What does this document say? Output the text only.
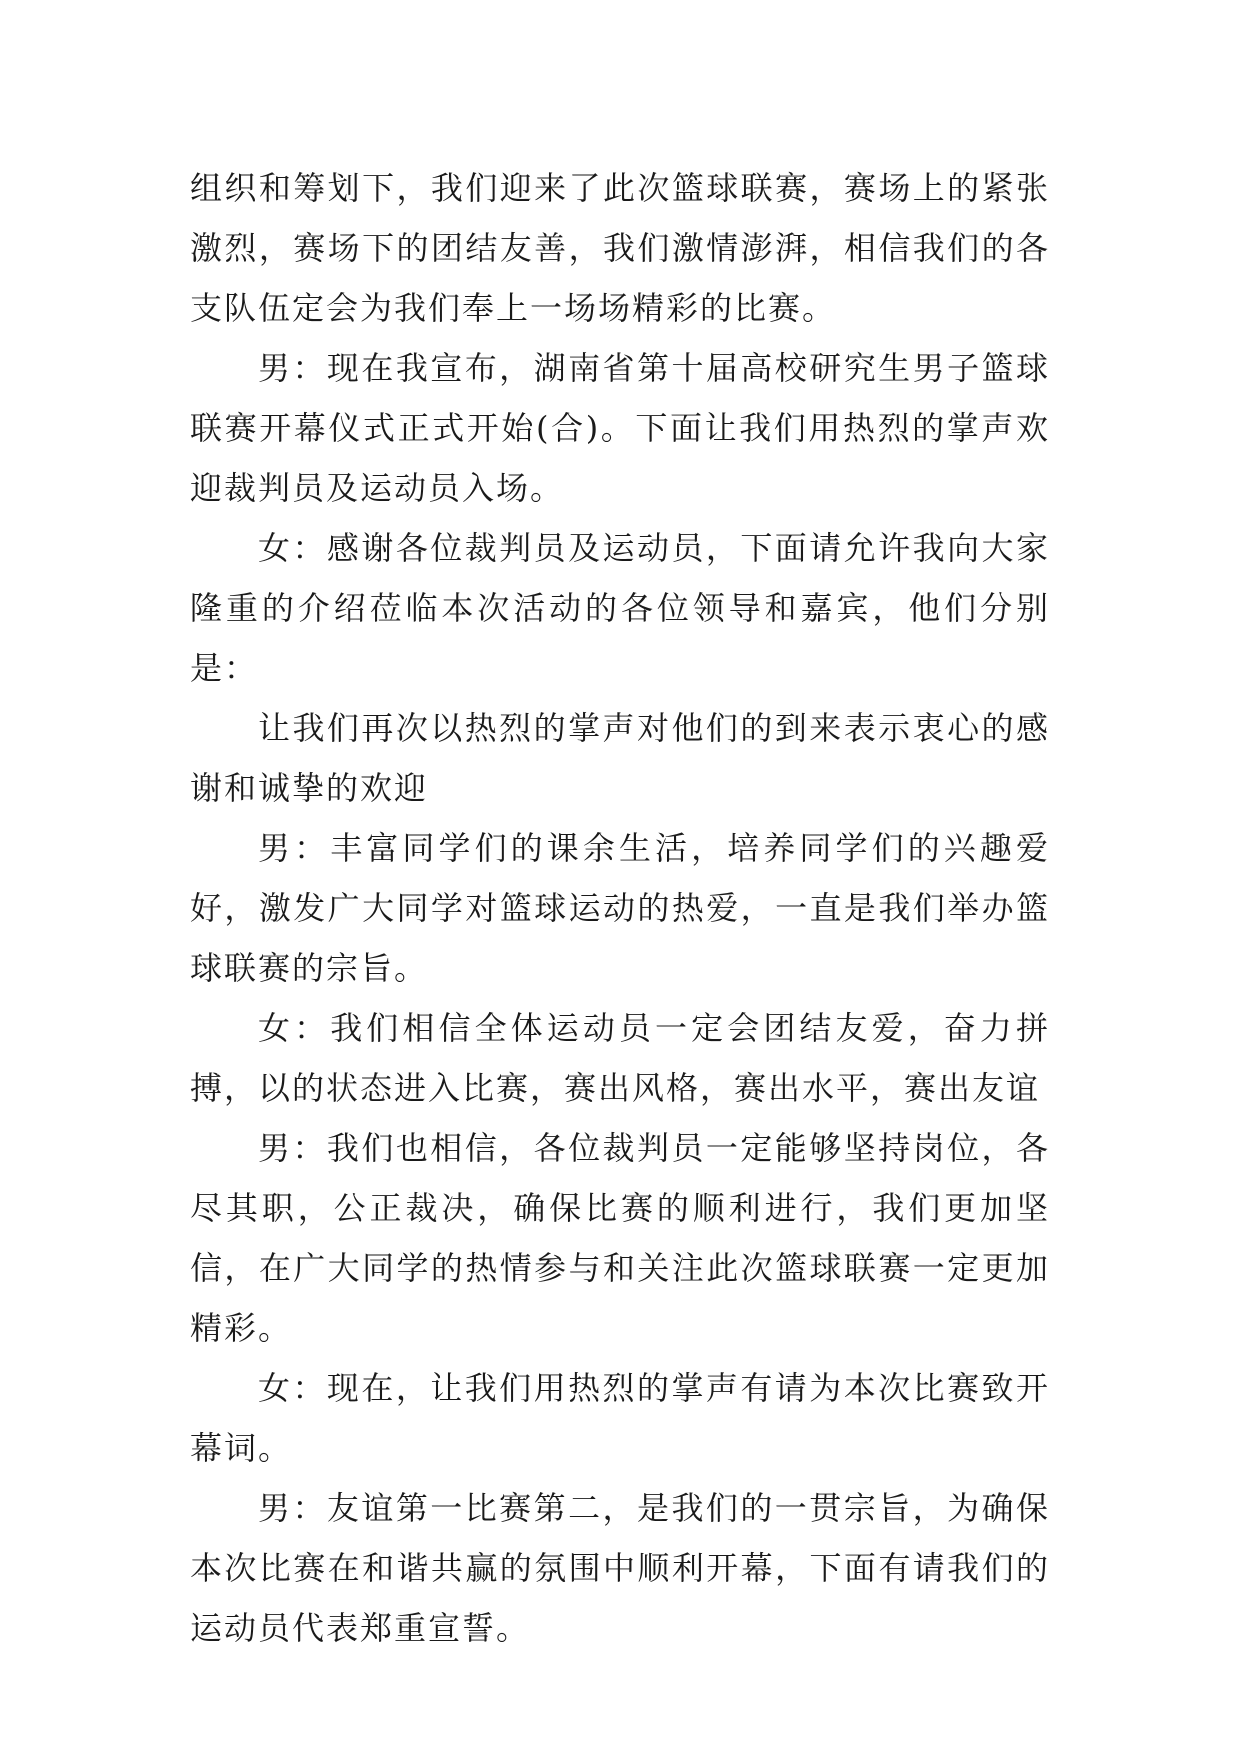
组织和筹划下，我们迎来了此次篮球联赛，赛场上的紧张激烈，赛场下的团结友善，我们激情澎湃，相信我们的各支队伍定会为我们奉上一场场精彩的比赛。

男：现在我宣布，湖南省第十届高校研究生男子篮球联赛开幕仪式正式开始(合)。下面让我们用热烈的掌声欢迎裁判员及运动员入场。

女：感谢各位裁判员及运动员，下面请允许我向大家隆重的介绍莅临本次活动的各位领导和嘉宾，他们分别是：

让我们再次以热烈的掌声对他们的到来表示衷心的感谢和诚挚的欢迎

男：丰富同学们的课余生活，培养同学们的兴趣爱好，激发广大同学对篮球运动的热爱，一直是我们举办篮球联赛的宗旨。

女：我们相信全体运动员一定会团结友爱，奋力拼搏，以的状态进入比赛，赛出风格，赛出水平，赛出友谊

男：我们也相信，各位裁判员一定能够坚持岗位，各尽其职，公正裁决，确保比赛的顺利进行，我们更加坚信，在广大同学的热情参与和关注此次篮球联赛一定更加精彩。

女：现在，让我们用热烈的掌声有请为本次比赛致开幕词。

男：友谊第一比赛第二，是我们的一贯宗旨，为确保本次比赛在和谐共赢的氛围中顺利开幕，下面有请我们的运动员代表郑重宣誓。
